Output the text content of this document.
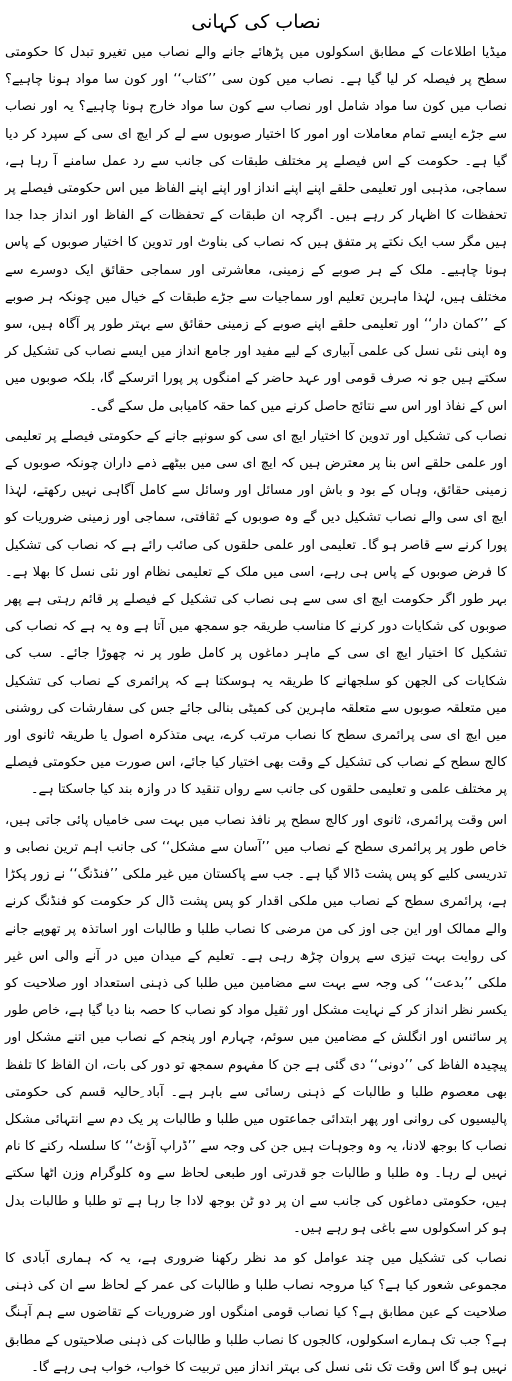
نصاب کی کہانی

میڈیا اطلاعات کے مطابق اسکولوں میں پڑھائے جانے والے نصاب میں تغیرو تبدل کا حکومتی سطح پر فیصلہ کر لیا گیا ہے۔ نصاب میں کون سی ’’کتاب‘‘ اور کون سا مواد ہونا چاہیے؟ نصاب میں کون سا مواد شامل اور نصاب سے کون سا مواد خارج ہونا چاہیے؟ یہ اور نصاب سے جڑے ایسے تمام معاملات اور امور کا اختیار صوبوں سے لے کر ایچ ای سی کے سپرد کر دیا گیا ہے۔ حکومت کے اس فیصلے پر مختلف طبقات کی جانب سے رد عمل سامنے آ رہا ہے، سماجی، مذہبی اور تعلیمی حلقے اپنے اپنے انداز اور اپنے اپنے الفاظ میں اس حکومتی فیصلے پر تحفظات کا اظہار کر رہے ہیں۔ اگرچہ ان طبقات کے تحفظات کے الفاظ اور انداز جدا جدا ہیں مگر سب ایک نکتے پر متفق ہیں کہ نصاب کی بناوٹ اور تدوین کا اختیار صوبوں کے پاس ہونا چاہیے۔ ملک کے ہر صوبے کے زمینی، معاشرتی اور سماجی حقائق ایک دوسرے سے مختلف ہیں، لہٰذا ماہرین تعلیم اور سماجیات سے جڑے طبقات کے خیال میں چونکہ ہر صوبے کے ’’کمان دار‘‘ اور تعلیمی حلقے اپنے صوبے کے زمینی حقائق سے بہتر طور پر آگاہ ہیں، سو وہ اپنی نئی نسل کی علمی آبیاری کے لیے مفید اور جامع انداز میں ایسے نصاب کی تشکیل کر سکتے ہیں جو نہ صرف قومی اور عہد حاضر کے امنگوں پر پورا اترسکے گا، بلکہ صوبوں میں اس کے نفاذ اور اس سے نتائج حاصل کرنے میں کما حقہ کامیابی مل سکے گی۔

نصاب کی تشکیل اور تدوین کا اختیار ایچ ای سی کو سونپے جانے کے حکومتی فیصلے پر تعلیمی اور علمی حلقے اس بنا پر معترض ہیں کہ ایچ ای سی میں بیٹھے ذمے داران چونکہ صوبوں کے زمینی حقائق، وہاں کے بود و باش اور مسائل اور وسائل سے کامل آگاہی نہیں رکھتے، لہٰذا ایچ ای سی والے نصاب تشکیل دیں گے وہ صوبوں کے ثقافتی، سماجی اور زمینی ضروریات کو پورا کرنے سے قاصر ہو گا۔ تعلیمی اور علمی حلقوں کی صائب رائے ہے کہ نصاب کی تشکیل کا فرض صوبوں کے پاس ہی رہے، اسی میں ملک کے تعلیمی نظام اور نئی نسل کا بھلا ہے۔ بہر طور اگر حکومت ایچ ای سی سے ہی نصاب کی تشکیل کے فیصلے پر قائم رہتی ہے پھر صوبوں کی شکایات دور کرنے کا مناسب طریقہ جو سمجھ میں آتا ہے وہ یہ ہے کہ نصاب کی تشکیل کا اختیار ایچ ای سی کے ماہر دماغوں پر کامل طور پر نہ چھوڑا جائے۔ سب کی شکایات کی الجھن کو سلجھانے کا طریقہ یہ ہوسکتا ہے کہ پرائمری کے نصاب کی تشکیل میں متعلقہ صوبوں سے متعلقہ ماہرین کی کمیٹی بنالی جائے جس کی سفارشات کی روشنی میں ایچ ای سی پرائمری سطح کا نصاب مرتب کرے، یہی متذکرہ اصول یا طریقہ ثانوی اور کالج سطح کے نصاب کی تشکیل کے وقت بھی اختیار کیا جائے، اس صورت میں حکومتی فیصلے پر مختلف علمی و تعلیمی حلقوں کی جانب سے رواں تنقید کا در وازہ بند کیا جاسکتا ہے۔

اس وقت پرائمری، ثانوی اور کالج سطح پر نافذ نصاب میں بہت سی خامیاں پائی جاتی ہیں، خاص طور پر پرائمری سطح کے نصاب میں ’’آسان سے مشکل‘‘ کی جانب اہم ترین نصابی و تدریسی کلیے کو پس پشت ڈالا گیا ہے۔ جب سے پاکستان میں غیر ملکی ’’فنڈنگ‘‘ نے زور پکڑا ہے، پرائمری سطح کے نصاب میں ملکی اقدار کو پس پشت ڈال کر حکومت کو فنڈنگ کرنے والے ممالک اور این جی اوز کی من مرضی کا نصاب طلبا و طالبات اور اساتذہ پر تھوپے جانے کی روایت بہت تیزی سے پروان چڑھ رہی ہے۔ تعلیم کے میدان میں در آنے والی اس غیر ملکی ’’بدعت‘‘ کی وجہ سے بہت سے مضامین میں طلبا کی ذہنی استعداد اور صلاحیت کو یکسر نظر انداز کر کے نہایت مشکل اور ثقیل مواد کو نصاب کا حصہ بنا دیا گیا ہے، خاص طور پر سائنس اور انگلش کے مضامین میں سوئم، چہارم اور پنجم کے نصاب میں اتنے مشکل اور پیچیدہ الفاظ کی ’’دونی‘‘ دی گئی ہے جن کا مفہوم سمجھ تو دور کی بات، ان الفاظ کا تلفظ بھی معصوم طلبا و طالبات کے ذہنی رسائی سے باہر ہے۔ آباد ِحالیہ قسم کی حکومتی پالیسیوں کی روانی اور پھر ابتدائی جماعتوں میں طلبا و طالبات پر یک دم سے انتہائی مشکل نصاب کا بوجھ لادنا، یہ وہ وجوہات ہیں جن کی وجہ سے ’’ڈراپ آؤٹ‘‘ کا سلسلہ رکنے کا نام نہیں لے رہا۔ وہ طلبا و طالبات جو قدرتی اور طبعی لحاظ سے وہ کلوگرام وزن اٹھا سکتے ہیں، حکومتی دماغوں کی جانب سے ان پر دو ٹن بوجھ لادا جا رہا ہے تو طلبا و طالبات بدل ہو کر اسکولوں سے باغی ہو رہے ہیں۔

نصاب کی تشکیل میں چند عوامل کو مد نظر رکھنا ضروری ہے، یہ کہ ہماری آبادی کا مجموعی شعور کیا ہے؟ کیا مروجہ نصاب طلبا و طالبات کی عمر کے لحاظ سے ان کی ذہنی صلاحیت کے عین مطابق ہے؟ کیا نصاب قومی امنگوں اور ضروریات کے تقاضوں سے ہم آہنگ ہے؟ جب تک ہمارے اسکولوں، کالجوں کا نصاب طلبا و طالبات کی ذہنی صلاحیتوں کے مطابق نہیں ہو گا اس وقت تک نئی نسل کی بہتر انداز میں تربیت کا خواب، خواب ہی رہے گا۔
